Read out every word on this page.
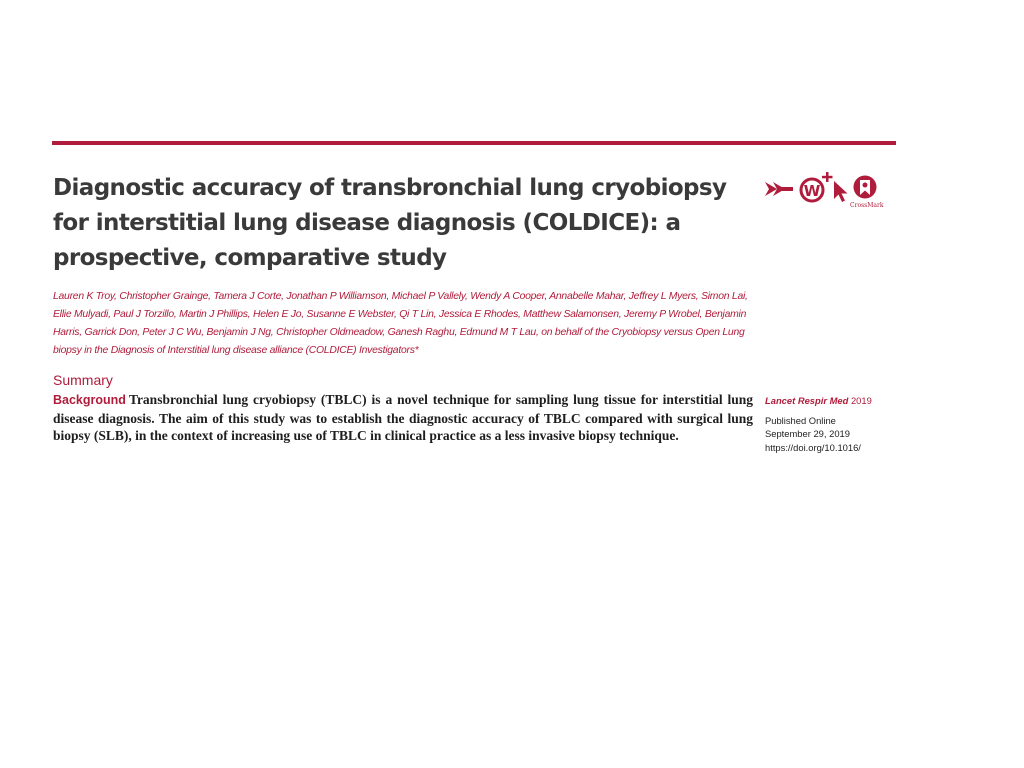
Diagnostic accuracy of transbronchial lung cryobiopsy for interstitial lung disease diagnosis (COLDICE): a prospective, comparative study
W
CrossMark

Lauren K Troy, Christopher Grainge, Tamera J Corte, Jonathan P Williamson, Michael P Vallely, Wendy A Cooper, Annabelle Mahar, Jeffrey L Myers, Simon Lai, Ellie Mulyadi, Paul J Torzillo, Martin J Phillips, Helen E Jo, Susanne E Webster, Qi T Lin, Jessica E Rhodes, Matthew Salamonsen, Jeremy P Wrobel, Benjamin Harris, Garrick Don, Peter J C Wu, Benjamin J Ng, Christopher Oldmeadow, Ganesh Raghu, Edmund M T Lau, on behalf of the Cryobiopsy versus Open Lung biopsy in the Diagnosis of Interstitial lung disease alliance (COLDICE) Investigators*

Summary

Background Transbronchial lung cryobiopsy (TBLC) is a novel technique for sampling lung tissue for interstitial lung disease diagnosis. The aim of this study was to establish the diagnostic accuracy of TBLC compared with surgical lung biopsy (SLB), in the context of increasing use of TBLC in clinical practice as a less invasive biopsy technique.

Lancet Respir Med 2019
Published Online
September 29, 2019
https://doi.org/10.1016/
